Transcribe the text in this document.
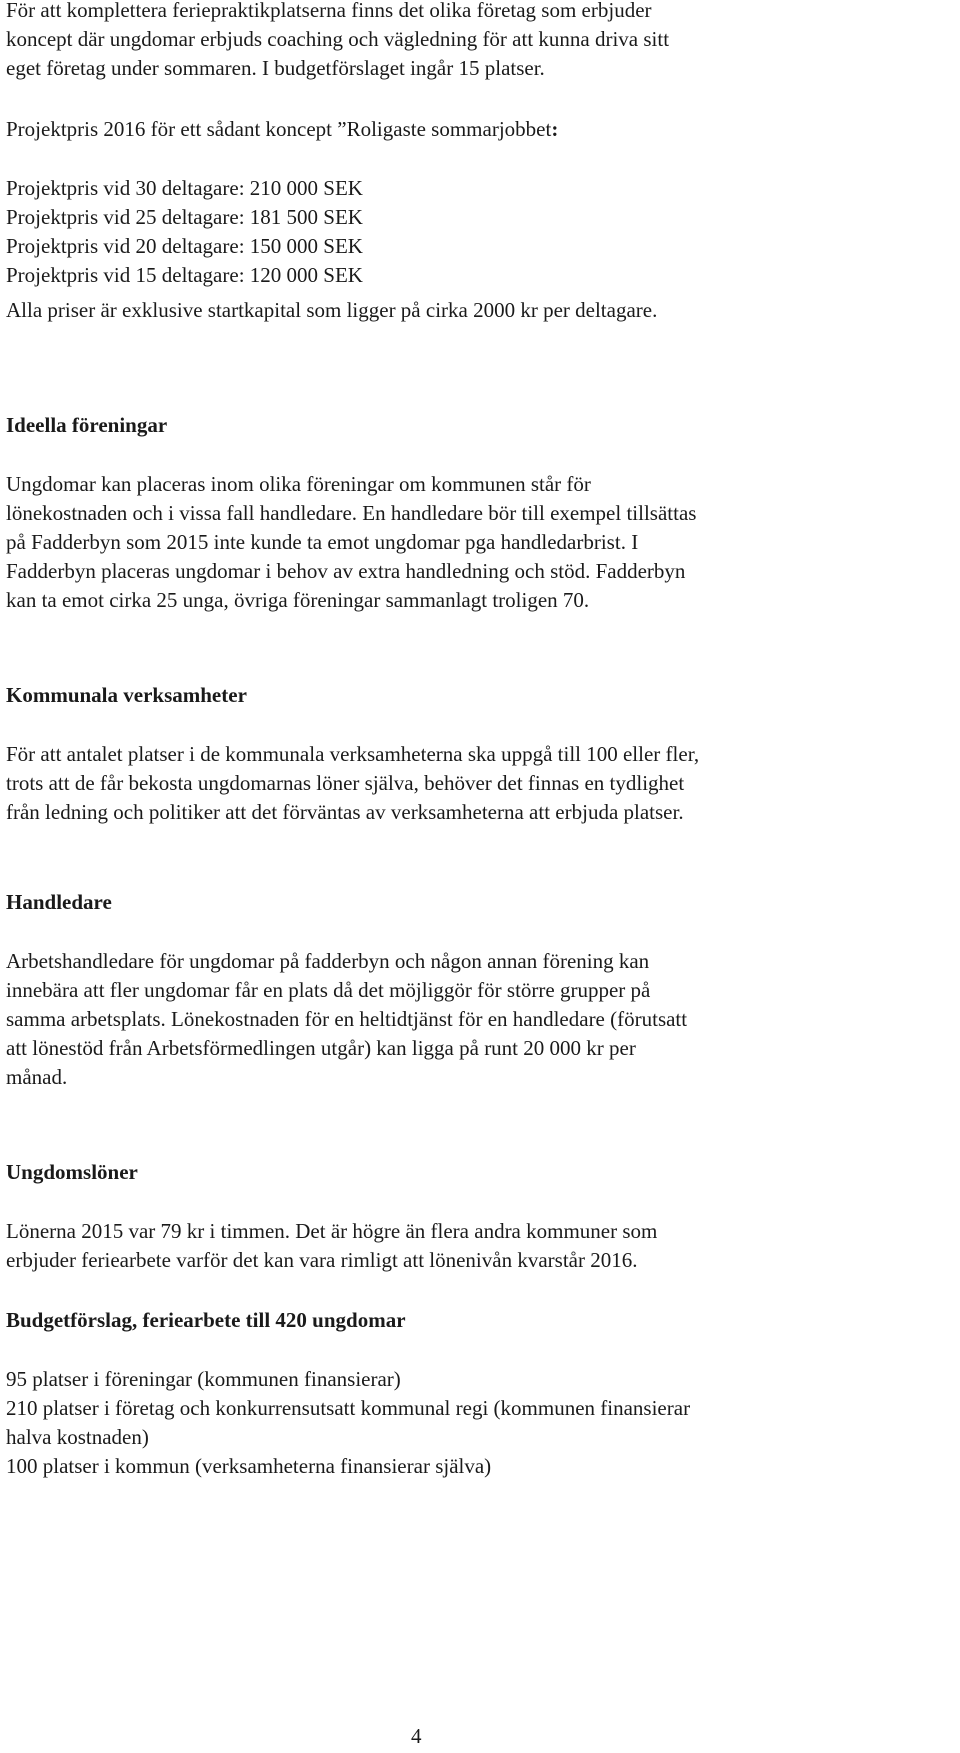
För att komplettera feriepraktikplatserna finns det olika företag som erbjuder
koncept där ungdomar erbjuds coaching och vägledning för att kunna driva sitt
eget företag under sommaren. I budgetförslaget ingår 15 platser.

Projektpris 2016 för ett sådant koncept ”Roligaste sommarjobbet:

Projektpris vid 30 deltagare: 210 000 SEK
Projektpris vid 25 deltagare: 181 500 SEK
Projektpris vid 20 deltagare: 150 000 SEK
Projektpris vid 15 deltagare: 120 000 SEK

Alla priser är exklusive startkapital som ligger på cirka 2000 kr per deltagare.

Ideella föreningar

Ungdomar kan placeras inom olika föreningar om kommunen står för
lönekostnaden och i vissa fall handledare. En handledare bör till exempel tillsättas
på Fadderbyn som 2015 inte kunde ta emot ungdomar pga handledarbrist. I
Fadderbyn placeras ungdomar i behov av extra handledning och stöd. Fadderbyn
kan ta emot cirka 25 unga, övriga föreningar sammanlagt troligen 70.

Kommunala verksamheter

För att antalet platser i de kommunala verksamheterna ska uppgå till 100 eller fler,
trots att de får bekosta ungdomarnas löner själva, behöver det finnas en tydlighet
från ledning och politiker att det förväntas av verksamheterna att erbjuda platser.

Handledare

Arbetshandledare för ungdomar på fadderbyn och någon annan förening kan
innebära att fler ungdomar får en plats då det möjliggör för större grupper på
samma arbetsplats. Lönekostnaden för en heltidtjänst för en handledare (förutsatt
att lönestöd från Arbetsförmedlingen utgår) kan ligga på runt 20 000 kr per
månad.

Ungdomslöner

Lönerna 2015 var 79 kr i timmen. Det är högre än flera andra kommuner som
erbjuder feriearbete varför det kan vara rimligt att lönenivån kvarstår 2016.

Budgetförslag, feriearbete till 420 ungdomar

95 platser i föreningar (kommunen finansierar)
210 platser i företag och konkurrensutsatt kommunal regi (kommunen finansierar
halva kostnaden)
100 platser i kommun (verksamheterna finansierar själva)

4
